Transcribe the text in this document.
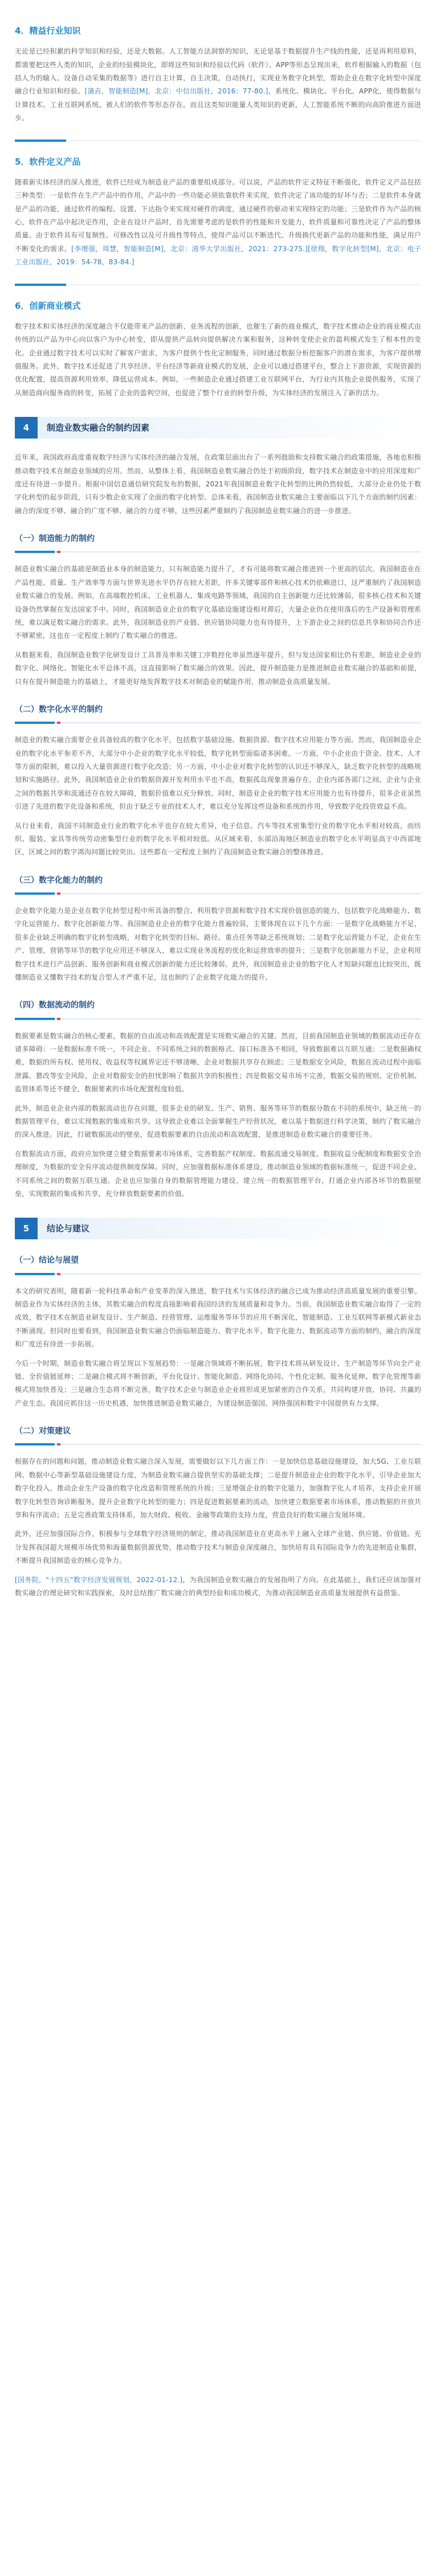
4．精益行业知识

无论是已经积累的科学知识和经验，还是大数据、人工智能方法洞察的知识，无论是基于数据提升生产线的性能，还是再利用原料，都需要把这些人类的知识，企业的经验模块化，即将这些知识和经验以代码（软件）、APP等形态呈现出来，软件根据输入的数据（包括人为的输入、设备自动采集的数据等）进行自主计算，自主决策，自动执行，实现业务数字化转型，帮助企业在数字化转型中深度融合行业知识和经验。[蒲垚，智能制造[M]，北京：中信出版社，2016：77-80.]，系统化、模块化、平台化、APP化，使得数据与计算技术、工业互联网系统、被人们的软件等形态存在。而且这类知识能量人类知识的更新，人工智能系统不断的向高阶推进方面进步。

5．软件定义产品

随着新实体经济的深入推进，软件已经成为制造业产品的重要组成部分。可以说，产品的软件定义特征不断强化，软件定义产品包括三种类型：一是软件在生产产品中的作用，产品中的一些功能必须依靠软件来实现，软件决定了该功能的好坏与否；二是软件本身就是产品的功能，通过软件的编程、设置、下达指令来实现对硬件的调度，通过硬件的驱动来实现特定的功能；三是软件作为产品的核心，软件在产品中起决定作用，企业在设计产品时，首先需要考虑的是软件的性能和开发能力，软件质量和可靠性决定了产品的整体质量。由于软件具有可复制性、可修改性以及可升级性等特点，使得产品可以不断迭代、升级换代更新产品的功能和性能，满足用户不断变化的需求。[李增强，周慧，智能制造[M]，北京：清华大学出版社，2021：273-275.][徐翔，数字化转型[M]，北京：电子工业出版社，2019：54-78，83-84.]

6．创新商业模式

数字技术和实体经济的深度融合不仅能带来产品的创新、业务流程的创新，也催生了新的商业模式，数字技术推动企业的商业模式由传统的以产品为中心向以客户为中心转变，即从提供产品转向提供解决方案和服务，这种转变使企业的盈利模式发生了根本性的变化。企业通过数字技术可以实时了解客户需求，为客户提供个性化定制服务，同时通过数据分析挖掘客户的潜在需求，为客户提供增值服务。此外，数字技术还促进了共享经济、平台经济等新商业模式的发展，企业可以通过搭建平台，整合上下游资源，实现资源的优化配置，提高资源利用效率，降低运营成本。例如，一些制造企业通过搭建工业互联网平台，为行业内其他企业提供服务，实现了从制造商向服务商的转变，拓展了企业的盈利空间，也促进了整个行业的转型升级，为实体经济的发展注入了新的活力。

4	制造业数实融合的制约因素

近年来，我国政府高度重视数字经济与实体经济的融合发展，在政策层面出台了一系列鼓励和支持数实融合的政策措施，各地也积极推动数字技术在制造业领域的应用。然而，从整体上看，我国制造业数实融合仍处于初级阶段，数字技术在制造业中的应用深度和广度还有待进一步提升。根据中国信息通信研究院发布的数据，2021年我国制造业数字化转型的比例仍然较低，大部分企业仍处于数字化转型的起步阶段，只有少数企业实现了全面的数字化转型。总体来看，我国制造业数实融合主要面临以下几个方面的制约因素：融合的深度不够、融合的广度不够、融合的力度不够，这些因素严重制约了我国制造业数实融合的进一步推进。

（一）制造能力的制约

制造业数实融合的基础是制造业本身的制造能力，只有制造能力提升了，才有可能将数实融合推进到一个更高的层次。我国制造业在产品性能、质量、生产效率等方面与世界先进水平仍存在较大差距，许多关键零部件和核心技术仍依赖进口，这严重制约了我国制造业数实融合的发展。例如，在高端数控机床、工业机器人、集成电路等领域，我国的自主创新能力还比较薄弱，很多核心技术和关键设备仍然掌握在发达国家手中。同时，我国制造业企业的数字化基础设施建设相对滞后，大量企业仍在使用落后的生产设备和管理系统，难以满足数实融合的需求。此外，我国制造业的产业链、供应链协同能力也有待提升，上下游企业之间的信息共享和协同合作还不够紧密，这也在一定程度上制约了数实融合的推进。

从数据来看，我国制造业数字化研发设计工具普及率和关键工序数控化率虽然逐年提升，但与发达国家相比仍有差距，制造业企业的数字化、网络化、智能化水平总体不高，这直接影响了数实融合的效果。因此，提升制造能力是推进制造业数实融合的基础和前提，只有在提升制造能力的基础上，才能更好地发挥数字技术对制造业的赋能作用，推动制造业高质量发展。

（二）数字化水平的制约

制造业的数实融合需要企业具备较高的数字化水平，包括数字基础设施、数据资源、数字技术应用能力等方面。然而，我国制造业企业的数字化水平参差不齐，大部分中小企业的数字化水平较低，数字化转型面临诸多困难。一方面，中小企业由于资金、技术、人才等方面的限制，难以投入大量资源进行数字化改造；另一方面，中小企业对数字化转型的认识还不够深入，缺乏数字化转型的战略规划和实施路径。此外，我国制造业企业的数据资源开发利用水平也不高，数据孤岛现象普遍存在，企业内部各部门之间、企业与企业之间的数据共享和流通还存在较大障碍，数据价值难以充分释放。同时，制造业企业的数字技术应用能力也有待提升，很多企业虽然引进了先进的数字化设备和系统，但由于缺乏专业的技术人才，难以充分发挥这些设备和系统的作用，导致数字化投资效益不高。

从行业来看，我国不同制造业行业的数字化水平也存在较大差异，电子信息、汽车等技术密集型行业的数字化水平相对较高，而纺织、服装、家具等传统劳动密集型行业的数字化水平相对较低。从区域来看，东部沿海地区制造业的数字化水平明显高于中西部地区，区域之间的数字鸿沟问题比较突出。这些都在一定程度上制约了我国制造业数实融合的整体推进。

（三）数字化能力的制约

企业数字化能力是企业在数字化转型过程中所具备的整合、利用数字资源和数字技术实现价值创造的能力，包括数字化战略能力、数字化运营能力、数字化创新能力等。我国制造业企业的数字化能力普遍较弱，主要体现在以下几个方面：一是数字化战略能力不足，很多企业缺乏明确的数字化转型战略，对数字化转型的目标、路径、重点任务等缺乏系统规划；二是数字化运营能力不足，企业在生产、管理、营销等环节的数字化应用还不够深入，难以实现业务流程的优化和运营效率的提升；三是数字化创新能力不足，企业利用数字技术进行产品创新、服务创新和商业模式创新的能力还比较薄弱。此外，我国制造业企业的数字化人才短缺问题也比较突出，既懂制造业又懂数字技术的复合型人才严重不足，这也制约了企业数字化能力的提升。

（四）数据流动的制约

数据要素是数实融合的核心要素，数据的自由流动和高效配置是实现数实融合的关键。然而，目前我国制造业领域的数据流动还存在诸多障碍：一是数据标准不统一，不同企业、不同系统之间的数据格式、接口标准各不相同，导致数据难以互联互通；二是数据确权难，数据的所有权、使用权、收益权等权属界定还不够清晰，企业对数据共享存在顾虑；三是数据安全风险，数据在流动过程中面临泄露、篡改等安全风险，企业对数据安全的担忧影响了数据共享的积极性；四是数据交易市场不完善，数据交易的规则、定价机制、监管体系等还不健全，数据要素的市场化配置程度较低。

此外，制造业企业内部的数据流动也存在问题，很多企业的研发、生产、销售、服务等环节的数据分散在不同的系统中，缺乏统一的数据管理平台，难以实现数据的集成和共享。这导致企业难以全面掌握生产经营状况，难以基于数据进行科学决策，制约了数实融合的深入推进。因此，打破数据流动的壁垒，促进数据要素的自由流动和高效配置，是推进制造业数实融合的重要任务。

在数据流动方面，政府应加快建立健全数据要素市场体系，完善数据产权制度、数据流通交易制度、数据收益分配制度和数据安全治理制度，为数据的安全有序流动提供制度保障。同时，应加强数据标准体系建设，推动制造业领域的数据标准统一，促进不同企业、不同系统之间的数据互联互通。企业也应加强自身的数据管理能力建设，建立统一的数据管理平台，打通企业内部各环节的数据壁垒，实现数据的集成和共享，充分释放数据要素的价值。

5	结论与建议
（一）结论与展望

本文的研究表明，随着新一轮科技革命和产业变革的深入推进，数字技术与实体经济的融合已成为推动经济高质量发展的重要引擎。制造业作为实体经济的主体，其数实融合的程度直接影响着我国经济的发展质量和竞争力。当前，我国制造业数实融合取得了一定的成效，数字技术在制造业研发设计、生产制造、经营管理、运维服务等环节的应用不断深化，智能制造、工业互联网等新模式新业态不断涌现。但同时也要看到，我国制造业数实融合仍面临制造能力、数字化水平、数字化能力、数据流动等方面的制约，融合的深度和广度还有待进一步拓展。

今后一个时期，制造业数实融合将呈现以下发展趋势：一是融合领域将不断拓展，数字技术将从研发设计、生产制造等环节向全产业链、全价值链延伸；二是融合模式将不断创新，平台化设计、智能化制造、网络化协同、个性化定制、服务化延伸、数字化管理等新模式将加快普及；三是融合生态将不断完善，数字技术企业与制造业企业将形成更加紧密的合作关系，共同构建开放、协同、共赢的产业生态。我国应抓住这一历史机遇，加快推进制造业数实融合，为建设制造强国、网络强国和数字中国提供有力支撑。

（二）对策建议

根据存在的问题和问题，推动制造业数实融合深入发展，需要做好以下几方面工作：一是加快信息基础设施建设，加大5G、工业互联网、数据中心等新型基础设施建设力度，为制造业数实融合提供坚实的基础支撑；二是提升制造业企业的数字化水平，引导企业加大数字化投入，推动企业生产设备的数字化改造和管理系统的升级；三是增强企业的数字化能力，加强数字化人才培养，支持企业开展数字化转型咨询诊断服务，提升企业数字化转型的能力；四是促进数据要素的流动，加快建立数据要素市场体系，推动数据的开放共享和有序流动；五是完善政策支持体系，加大财政、税收、金融等政策的支持力度，营造良好的数实融合发展环境。

此外，还应加强国际合作，积极参与全球数字经济规则的制定，推动我国制造业在更高水平上融入全球产业链、供应链、价值链。充分发挥我国超大规模市场优势和海量数据资源优势，推动数字技术与制造业深度融合，加快培育具有国际竞争力的先进制造业集群，不断提升我国制造业的核心竞争力。

[国务院，"十四五"数字经济发展规划，2022-01-12.]，为我国制造业数实融合的发展指明了方向。在此基础上，我们还应该加强对数实融合的理论研究和实践探索，及时总结推广数实融合的典型经验和成功模式，为推动我国制造业高质量发展提供有益借鉴。
